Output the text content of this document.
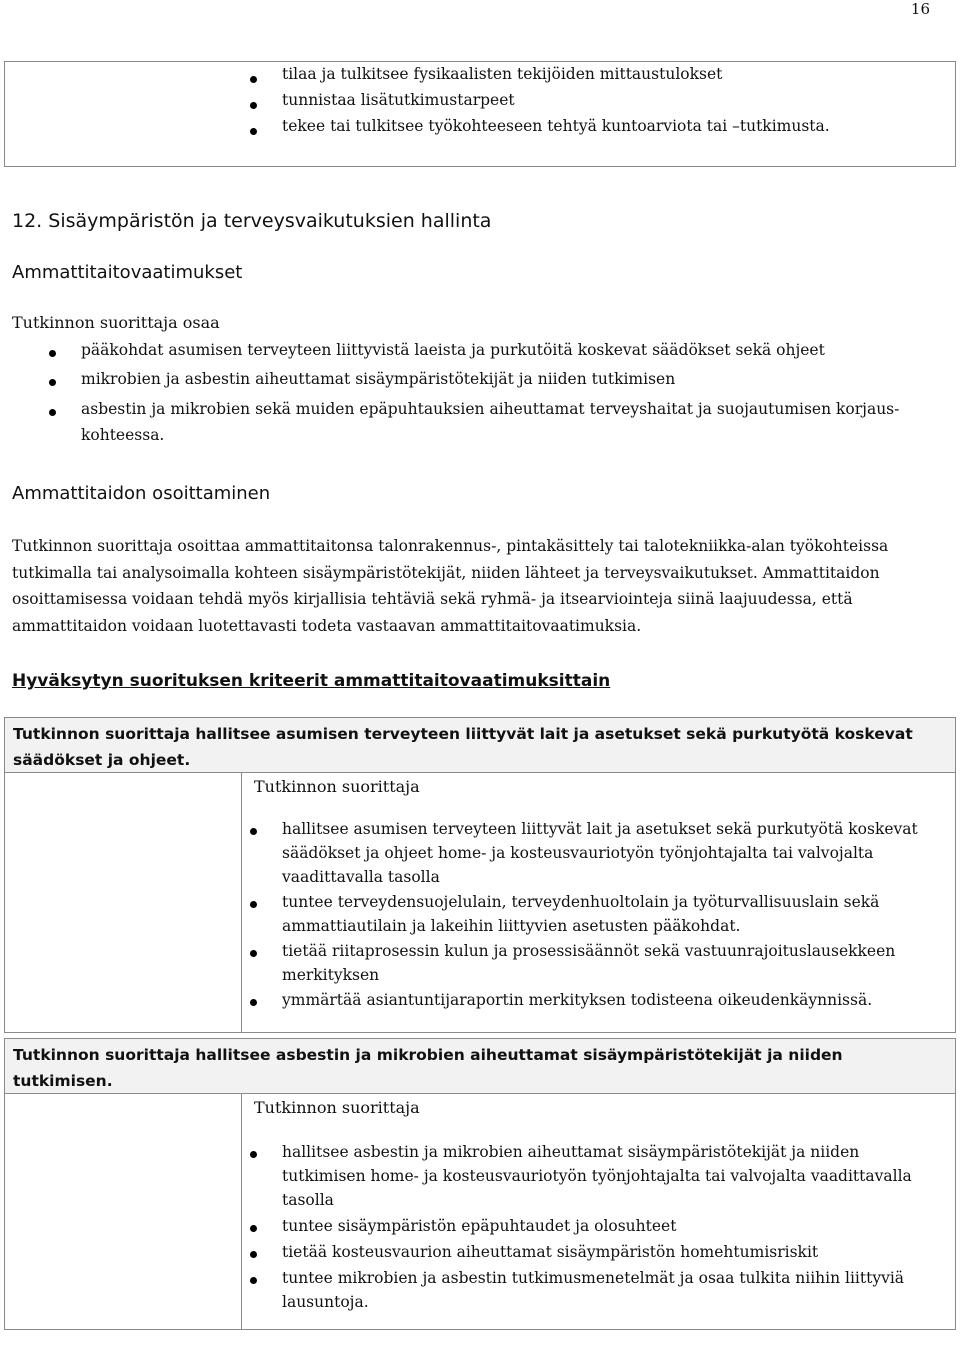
16
tilaa ja tulkitsee fysikaalisten tekijöiden mittaustulokset
tunnistaa lisätutkimustarpeet
tekee tai tulkitsee työkohteeseen tehtyä kuntoarviota tai –tutkimusta.
12. Sisäympäristön ja terveysvaikutuksien hallinta
Ammattitaitovaatimukset
Tutkinnon suorittaja osaa
pääkohdat asumisen terveyteen liittyvistä laeista ja purkutöitä koskevat säädökset sekä ohjeet
mikrobien ja asbestin aiheuttamat sisäympäristötekijät ja niiden tutkimisen
asbestin ja mikrobien sekä muiden epäpuhtauksien aiheuttamat terveyshaitat ja suojautumisen korjaus-
kohteessa.
Ammattitaidon osoittaminen
Tutkinnon suorittaja osoittaa ammattitaitonsa talonrakennus-, pintakäsittely tai talotekniikka-alan työkohteissa
tutkimalla tai analysoimalla kohteen sisäympäristötekijät, niiden lähteet ja terveysvaikutukset. Ammattitaidon
osoittamisessa voidaan tehdä myös kirjallisia tehtäviä sekä ryhmä- ja itsearviointeja siinä laajuudessa, että
ammattitaidon voidaan luotettavasti todeta vastaavan ammattitaitovaatimuksia.
Hyväksytyn suorituksen kriteerit ammattitaitovaatimuksittain
Tutkinnon suorittaja hallitsee asumisen terveyteen liittyvät lait ja asetukset sekä purkutyötä koskevat
säädökset ja ohjeet.
Tutkinnon suorittaja
hallitsee asumisen terveyteen liittyvät lait ja asetukset sekä purkutyötä koskevat
säädökset ja ohjeet home- ja kosteusvauriotyön työnjohtajalta tai valvojalta
vaadittavalla tasolla
tuntee terveydensuojelulain, terveydenhuoltolain ja työturvallisuuslain sekä
ammattiautilain ja lakeihin liittyvien asetusten pääkohdat.
tietää riitaprosessin kulun ja prosessisäännöt sekä vastuunrajoituslausekkeen
merkityksen
ymmärtää asiantuntijaraportin merkityksen todisteena oikeudenkäynnissä.
Tutkinnon suorittaja hallitsee asbestin ja mikrobien aiheuttamat sisäympäristötekijät ja niiden
tutkimisen.
Tutkinnon suorittaja
hallitsee asbestin ja mikrobien aiheuttamat sisäympäristötekijät ja niiden
tutkimisen home- ja kosteusvauriotyön työnjohtajalta tai valvojalta vaadittavalla
tasolla
tuntee sisäympäristön epäpuhtaudet ja olosuhteet
tietää kosteusvaurion aiheuttamat sisäympäristön homehtumisriskit
tuntee mikrobien ja asbestin tutkimusmenetelmät ja osaa tulkita niihin liittyviä
lausuntoja.
